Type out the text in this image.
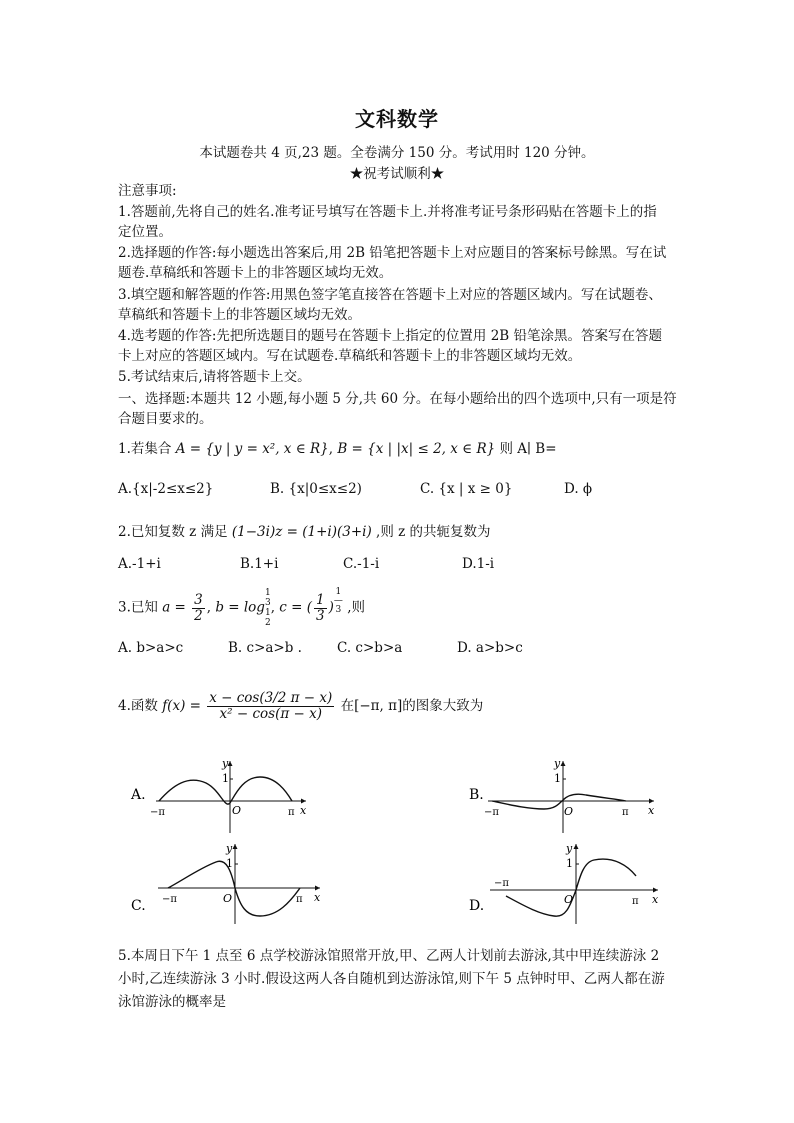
文科数学
本试题卷共 4 页,23 题。全卷满分 150 分。考试用时 120 分钟。
★祝考试顺利★
注意事项:
1.答题前,先将自己的姓名.准考证号填写在答题卡上.并将准考证号条形码贴在答题卡上的指
定位置。
2.选择题的作答:每小题选出答案后,用 2B 铅笔把答题卡上对应题目的答案标号餘黑。写在试
题卷.草稿纸和答题卡上的非答题区域均无效。
3.填空题和解答题的作答:用黑色签字笔直接答在答题卡上对应的答题区域内。写在试题卷、
草稿纸和答题卡上的非答题区域均无效。
4.选考题的作答:先把所选题目的题号在答题卡上指定的位置用 2B 铅笔涂黑。答案写在答题
卡上对应的答题区域内。写在试题卷.草稿纸和答题卡上的非答题区域均无效。
5.考试结束后,请将答题卡上交。
一、选择题:本题共 12 小题,每小题 5 分,共 60 分。在每小题给出的四个选项中,只有一项是符
合题目要求的。
1.若集合 A = {y | y = x², x ∈ R}, B = {x | |x| ≤ 2, x ∈ R} 则 A∣ B=
A.{x|-2≤x≤2}	B. {x|0≤x≤2)	C. {x | x ≥ 0}	D. ϕ
2.已知复数 z 满足 (1−3i)z = (1+i)(3+i) ,则 z 的共轭复数为
A.-1+i	B.1+i	C.-1-i	D.1-i
3.已知 $a = \frac{3}{2}$ , b = log1
3
1
2, c = ( $\frac{1}{3} )1$
—
3 ,则
A. b>a>c	B. c>a>b .	C. c>b>a	D. a>b>c
4.函数 $f(x) = \frac{x - \cos(3/2 \pi - x)}{\text{x² − cos(π − x)}}$ 在[−π, π]的图象大致为
A.
y
1
O	x
−π	π
B.
y
1
O	x
−π	π
C.
y
1
O	x
−π	π	D.
y
1
O	x
−π
π
5.本周日下午 1 点至 6 点学校游泳馆照常开放,甲、乙两人计划前去游泳,其中甲连续游泳 2
小时,乙连续游泳 3 小时.假设这两人各自随机到达游泳馆,则下午 5 点钟时甲、乙两人都在游
泳馆游泳的概率是
